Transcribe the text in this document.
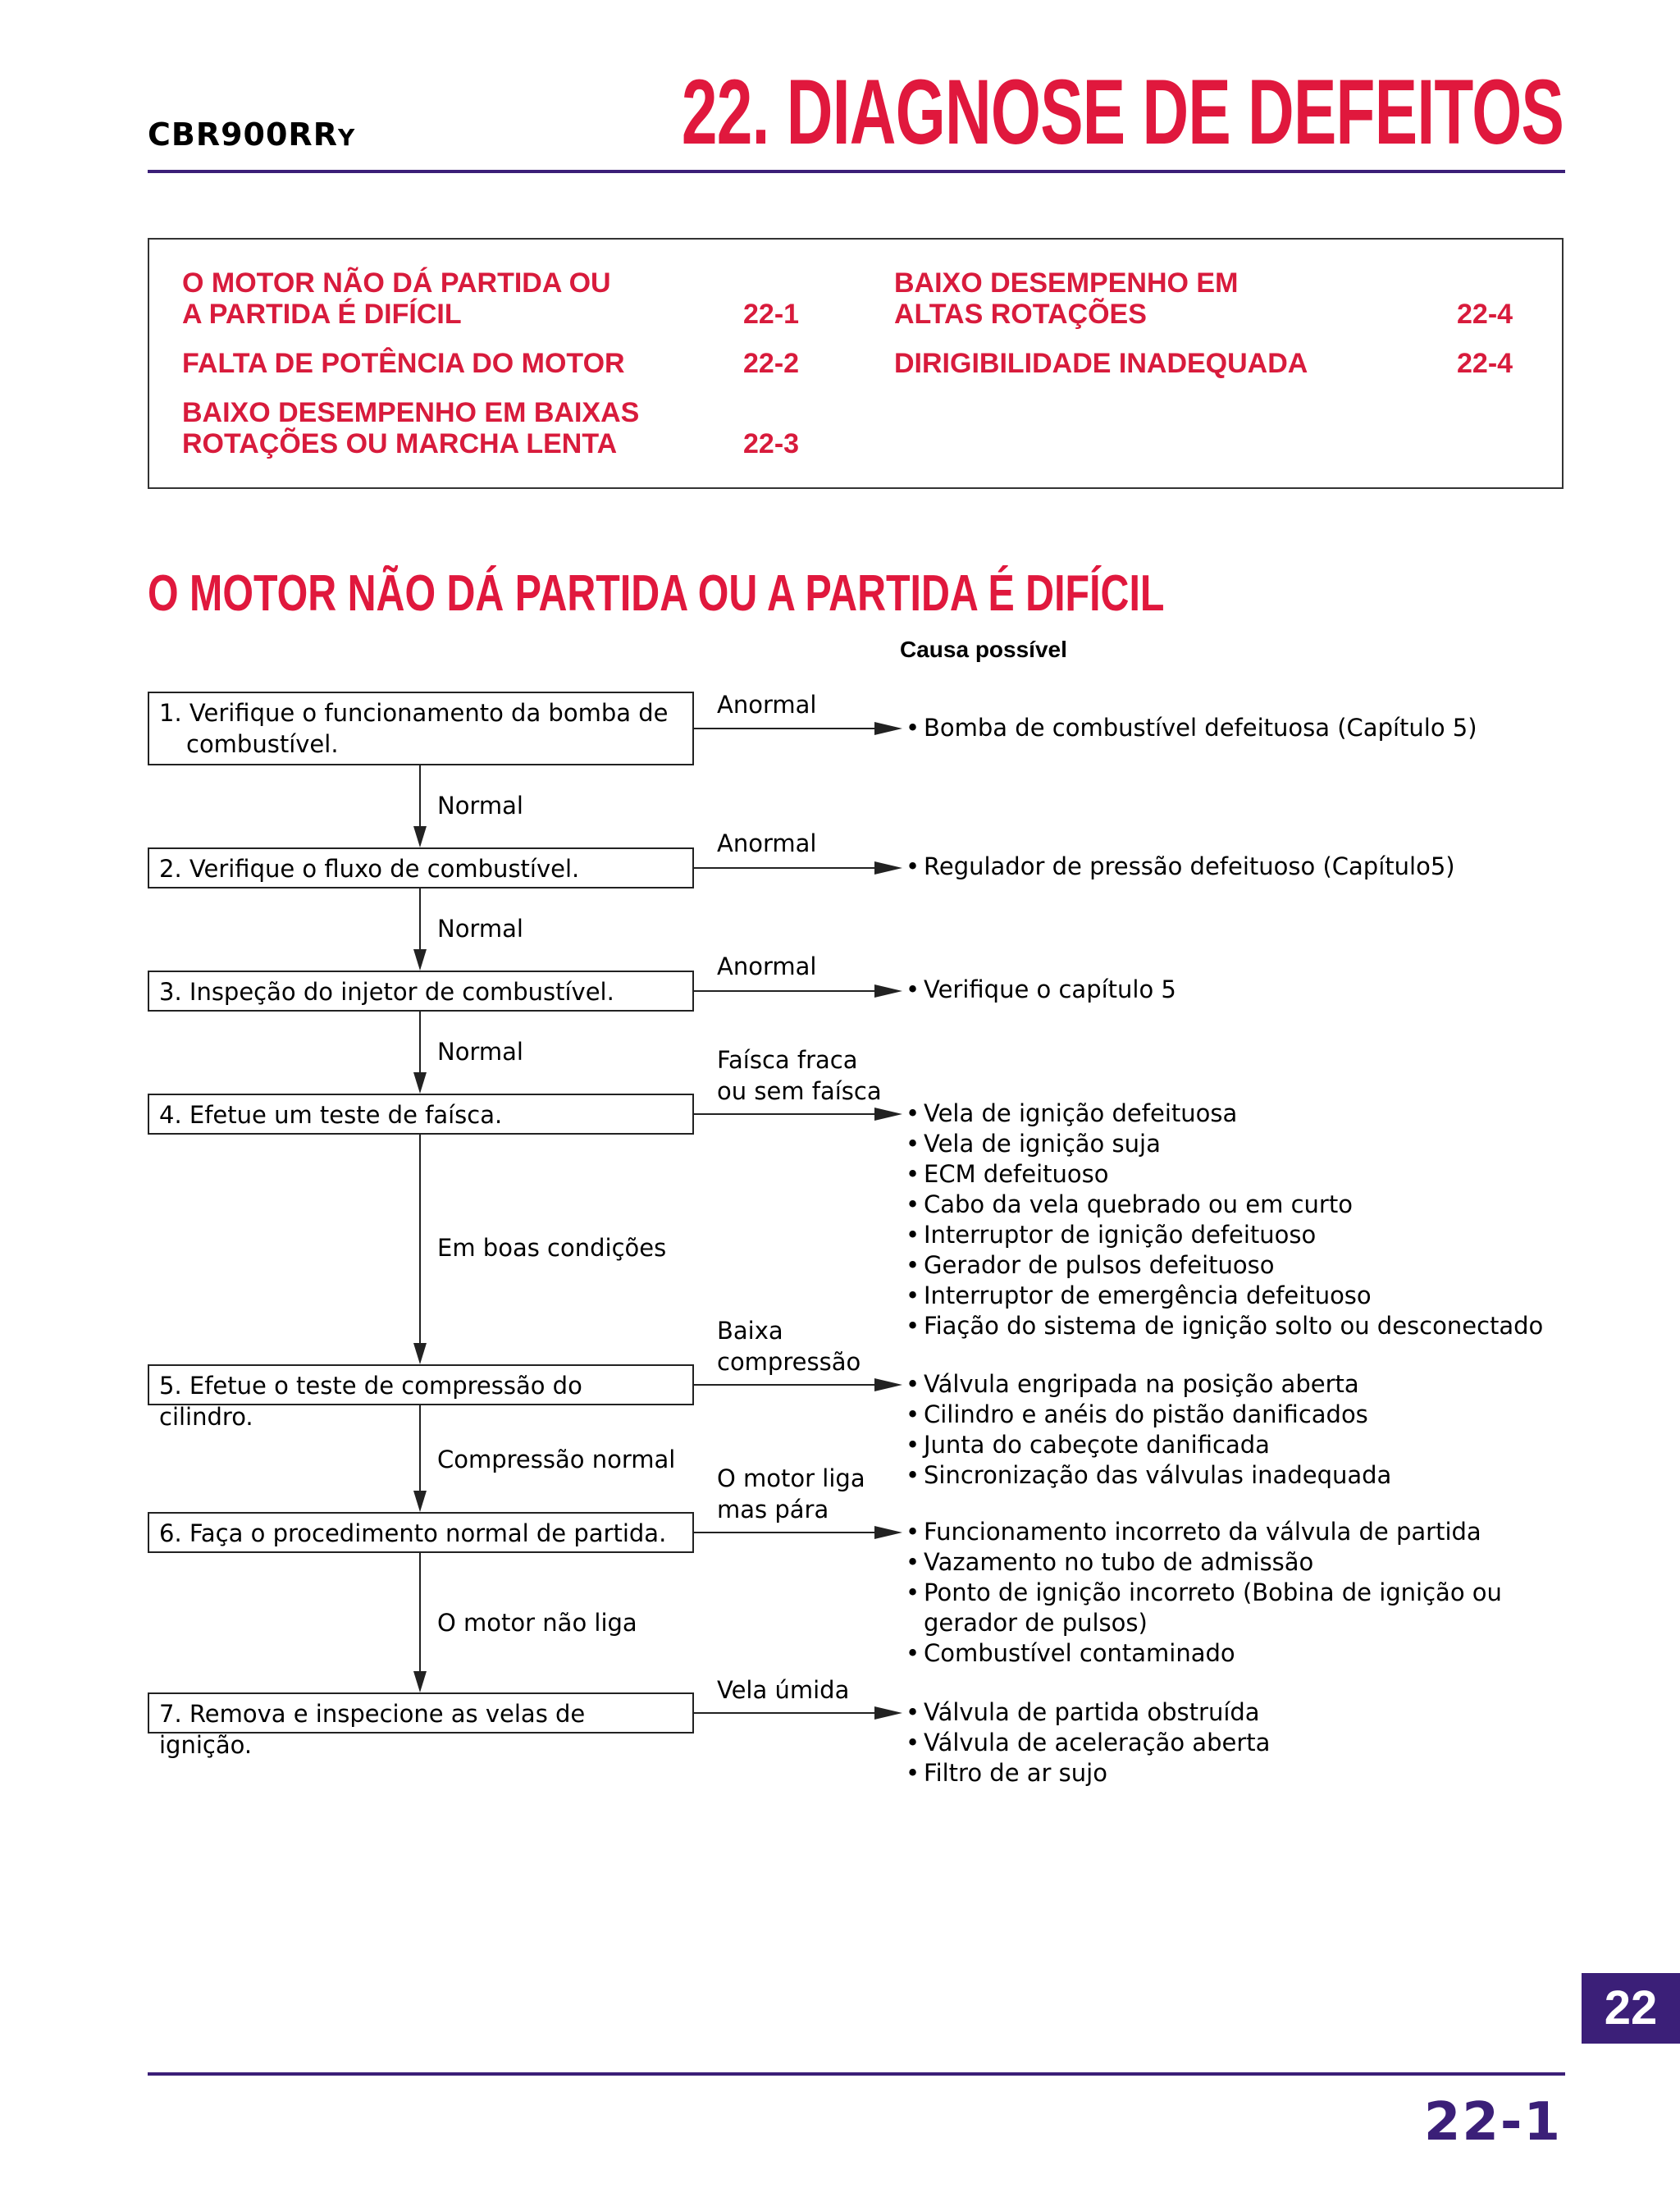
CBR900RRY	22. DIAGNOSE DE DEFEITOS
O MOTOR NÃO DÁ PARTIDA OU
A PARTIDA É DIFÍCIL	22-1
FALTA DE POTÊNCIA DO MOTOR	22-2
BAIXO DESEMPENHO EM BAIXAS
ROTAÇÕES OU MARCHA LENTA	22-3
BAIXO DESEMPENHO EM
ALTAS ROTAÇÕES	22-4
DIRIGIBILIDADE INADEQUADA	22-4
O MOTOR NÃO DÁ PARTIDA OU A PARTIDA É DIFÍCIL
Causa possível
1. Verifique o funcionamento da bomba de
combustível.
2. Verifique o fluxo de combustível.
3. Inspeção do injetor de combustível.
4. Efetue um teste de faísca.
5. Efetue o teste de compressão do cilindro.
6. Faça o procedimento normal de partida.
7. Remova e inspecione as velas de ignição.
Normal
Normal
Normal
Em boas condições
Compressão normal
O motor não liga
Anormal
Anormal
Anormal
Faísca fraca
ou sem faísca
Baixa
compressão
O motor liga
mas pára
Vela úmida
• Bomba de combustível defeituosa (Capítulo 5)
• Regulador de pressão defeituoso (Capítulo5)
• Verifique o capítulo 5
• Vela de ignição defeituosa
• Vela de ignição suja
• ECM defeituoso
• Cabo da vela quebrado ou em curto
• Interruptor de ignição defeituoso
• Gerador de pulsos defeituoso
• Interruptor de emergência defeituoso
• Fiação do sistema de ignição solto ou desconectado
• Válvula engripada na posição aberta
• Cilindro e anéis do pistão danificados
• Junta do cabeçote danificada
• Sincronização das válvulas inadequada
• Funcionamento incorreto da válvula de partida
• Vazamento no tubo de admissão
• Ponto de ignição incorreto (Bobina de ignição ou gerador de pulsos)
• Combustível contaminado
• Válvula de partida obstruída
• Válvula de aceleração aberta
• Filtro de ar sujo
22
22-1
